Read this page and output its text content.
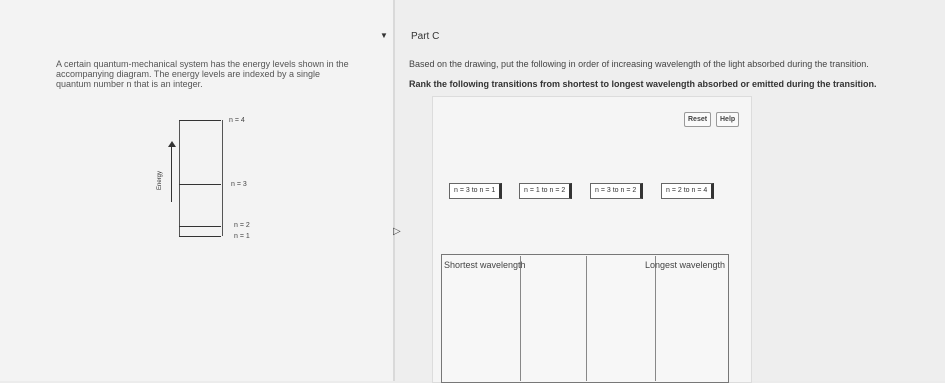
A certain quantum-mechanical system has the energy levels shown in the accompanying diagram. The energy levels are indexed by a single quantum number n that is an integer.
n = 4
n = 3
n = 2
n = 1
Energy
▼ Part C
Based on the drawing, put the following in order of increasing wavelength of the light absorbed during the transition.
Rank the following transitions from shortest to longest wavelength absorbed or emitted during the transition.
Reset	Help
n = 3 to n = 1	n = 1 to n = 2	n = 3 to n = 2	n = 2 to n = 4
Shortest wavelength	Longest wavelength
▷
